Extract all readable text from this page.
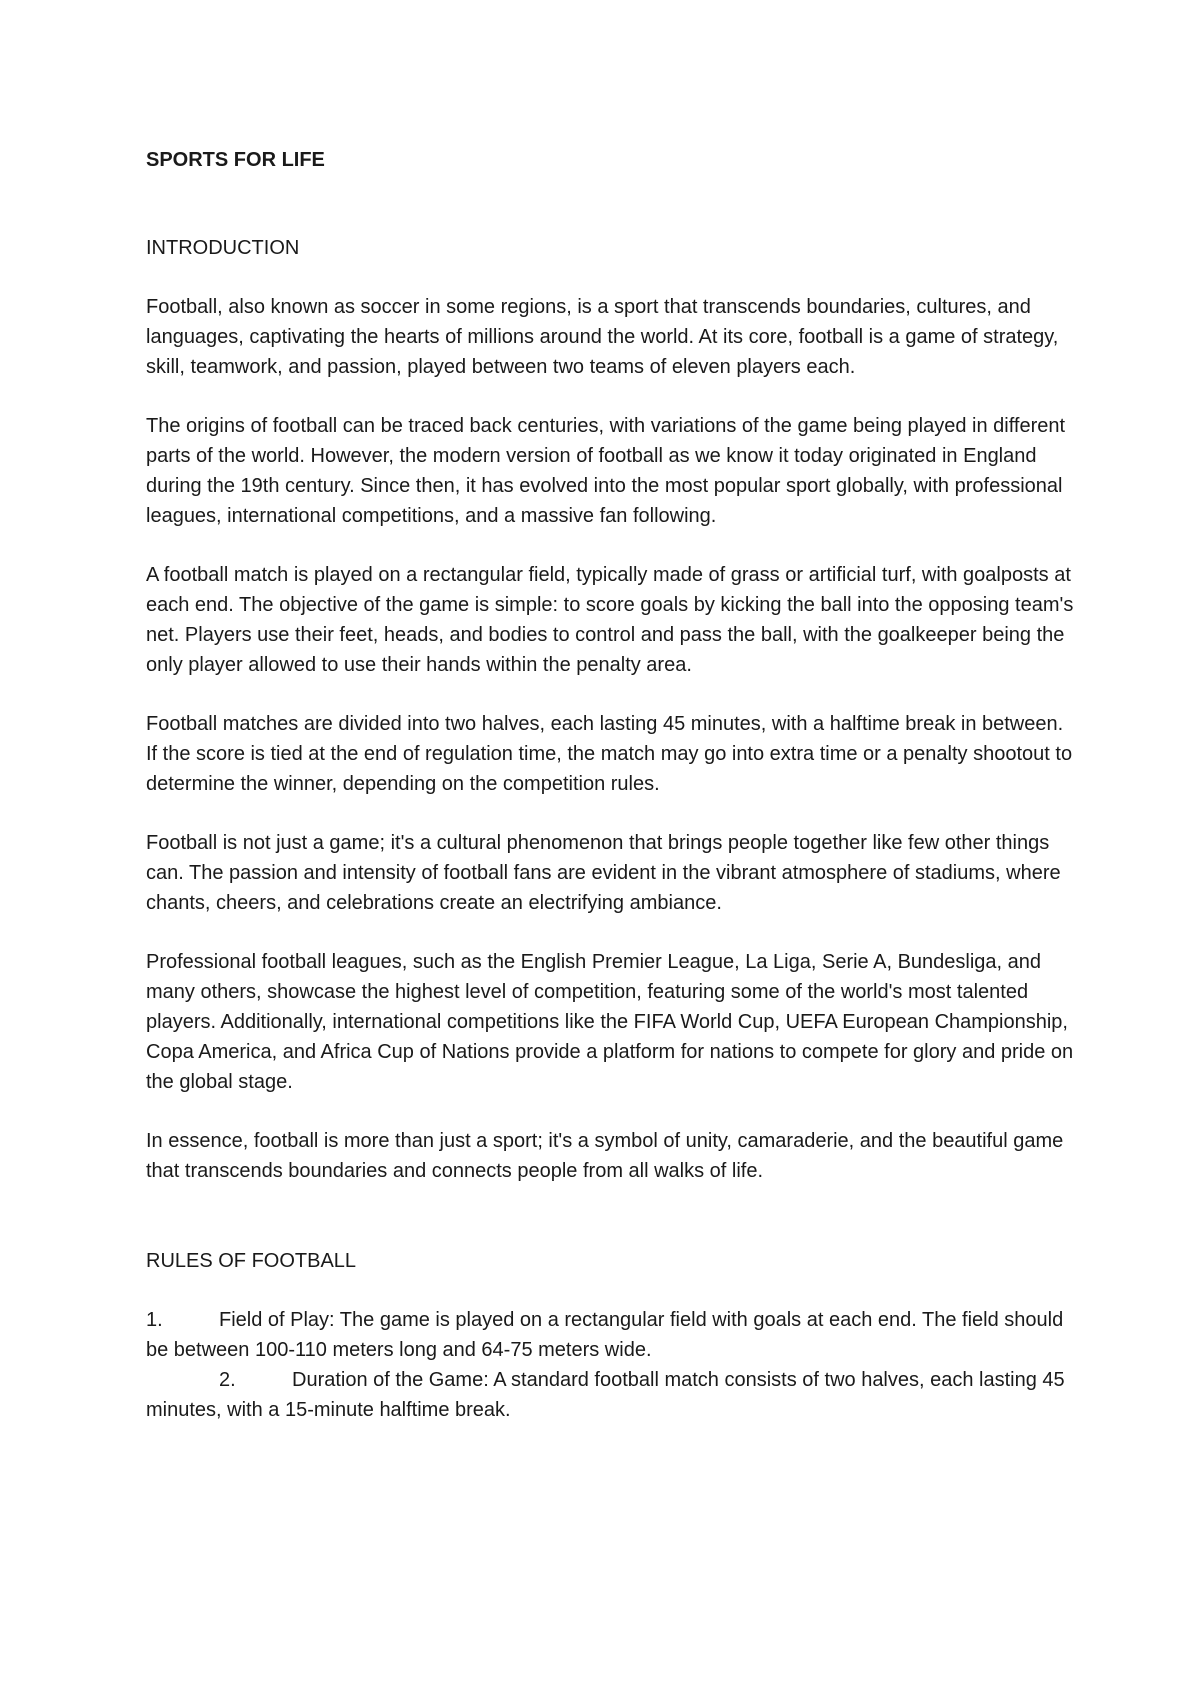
SPORTS FOR LIFE
INTRODUCTION

Football, also known as soccer in some regions, is a sport that transcends boundaries, cultures, and languages, captivating the hearts of millions around the world. At its core, football is a game of strategy, skill, teamwork, and passion, played between two teams of eleven players each.

The origins of football can be traced back centuries, with variations of the game being played in different parts of the world. However, the modern version of football as we know it today originated in England during the 19th century. Since then, it has evolved into the most popular sport globally, with professional leagues, international competitions, and a massive fan following.

A football match is played on a rectangular field, typically made of grass or artificial turf, with goalposts at each end. The objective of the game is simple: to score goals by kicking the ball into the opposing team's net. Players use their feet, heads, and bodies to control and pass the ball, with the goalkeeper being the only player allowed to use their hands within the penalty area.

Football matches are divided into two halves, each lasting 45 minutes, with a halftime break in between. If the score is tied at the end of regulation time, the match may go into extra time or a penalty shootout to determine the winner, depending on the competition rules.

Football is not just a game; it's a cultural phenomenon that brings people together like few other things can. The passion and intensity of football fans are evident in the vibrant atmosphere of stadiums, where chants, cheers, and celebrations create an electrifying ambiance.

Professional football leagues, such as the English Premier League, La Liga, Serie A, Bundesliga, and many others, showcase the highest level of competition, featuring some of the world's most talented players. Additionally, international competitions like the FIFA World Cup, UEFA European Championship, Copa America, and Africa Cup of Nations provide a platform for nations to compete for glory and pride on the global stage.

In essence, football is more than just a sport; it's a symbol of unity, camaraderie, and the beautiful game that transcends boundaries and connects people from all walks of life.

RULES OF FOOTBALL

1.	Field of Play: The game is played on a rectangular field with goals at each end. The field should be between 100-110 meters long and 64-75 meters wide.

2.	Duration of the Game: A standard football match consists of two halves, each lasting 45 minutes, with a 15-minute halftime break.
